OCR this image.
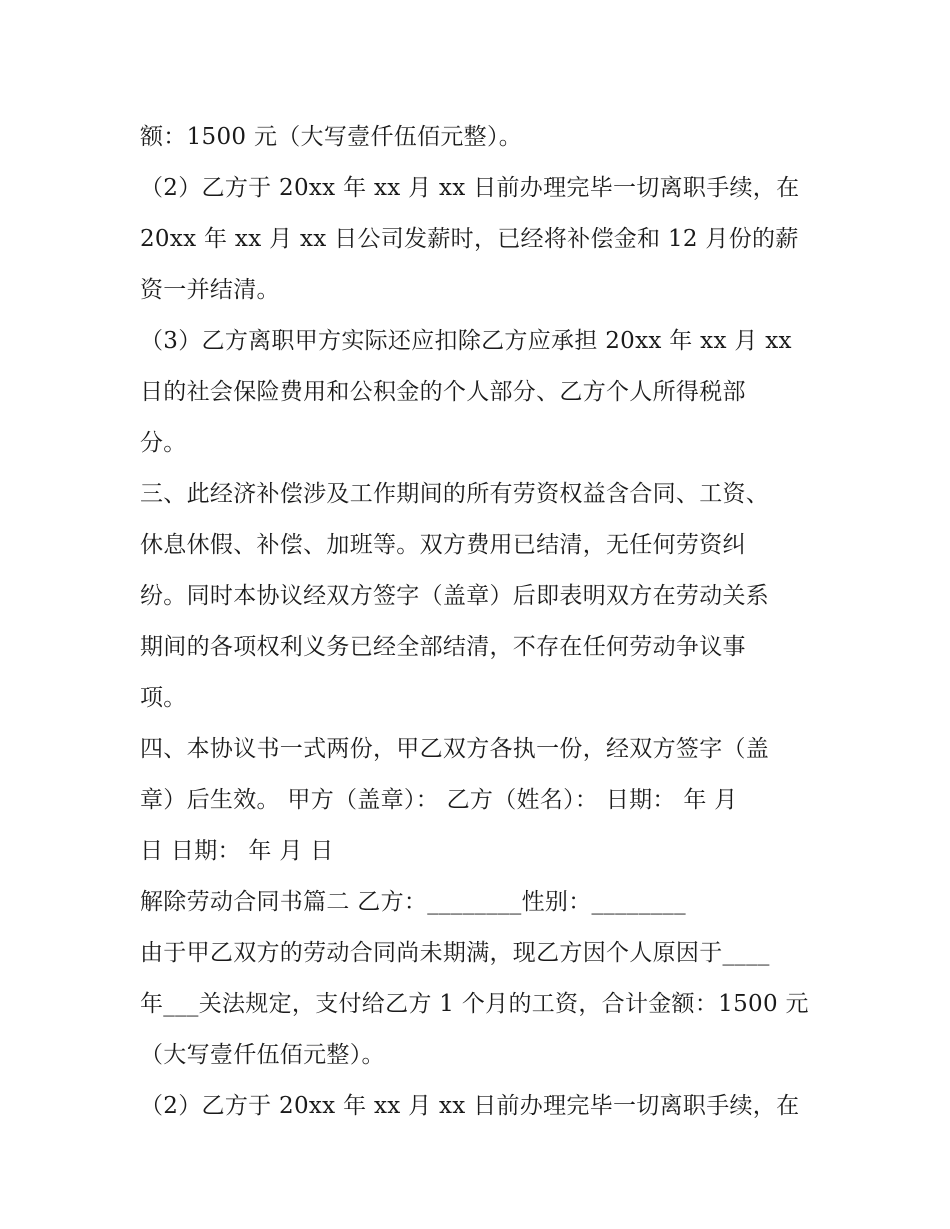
额：1500 元（大写壹仟伍佰元整）。
（2）乙方于 20xx 年 xx 月 xx 日前办理完毕一切离职手续，在
20xx 年 xx 月 xx 日公司发薪时，已经将补偿金和 12 月份的薪
资一并结清。
（3）乙方离职甲方实际还应扣除乙方应承担 20xx 年 xx 月 xx
日的社会保险费用和公积金的个人部分、乙方个人所得税部
分。
三、此经济补偿涉及工作期间的所有劳资权益含合同、工资、
休息休假、补偿、加班等。双方费用已结清，无任何劳资纠
纷。同时本协议经双方签字（盖章）后即表明双方在劳动关系
期间的各项权利义务已经全部结清，不存在任何劳动争议事
项。
四、本协议书一式两份，甲乙双方各执一份，经双方签字（盖
章）后生效。 甲方（盖章）： 乙方（姓名）： 日期： 年 月
日 日期： 年 月 日
解除劳动合同书篇二 乙方：________性别：________
由于甲乙双方的劳动合同尚未期满，现乙方因个人原因于____
年___关法规定，支付给乙方 1 个月的工资，合计金额：1500 元
（大写壹仟伍佰元整）。
（2）乙方于 20xx 年 xx 月 xx 日前办理完毕一切离职手续，在
